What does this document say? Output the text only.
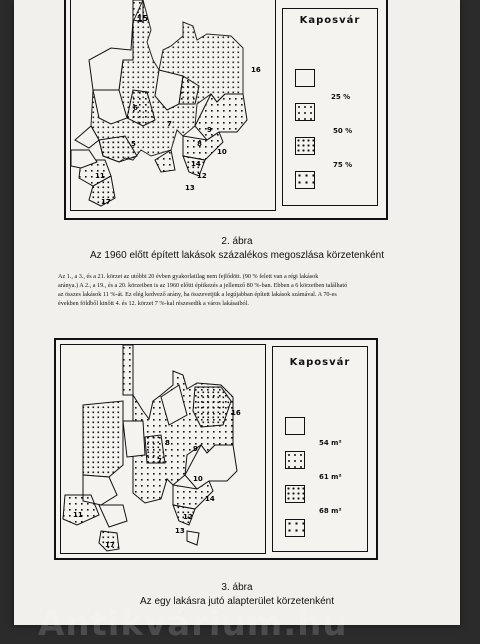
15
16
6
7
5	8
9
10
11	12
13
14
17
Kaposvár
25 %
50 %
75 %
2. ábra
Az 1960 előtt épített lakások százalékos megoszlása körzetenként
Az 1., a 3., és a 21. körzet az utóbbi 20 évben gyakorlatilag nem fejlődött. (90 % felett van a régi lakások
aránya.) A 2., a 19., és a 20. körzetben is az 1960 előtti építkezés a jellemző 80 %-ban. Ebben a 6 körzetben található
az összes lakások 11 %-át. Ez elég kedvező arány, ha összevetjük a legújabban épített lakások számával. A 70-es
években földből kinőtt 4. és 12. körzet 7 %-kal részesedik a város lakásaiból.
16
8
7
9
10
11	12
13
14
17
Kaposvár
54 m²
61 m²
68 m²
3. ábra
Az egy lakásra jutó alapterület körzetenként
Antikvárium.hu
